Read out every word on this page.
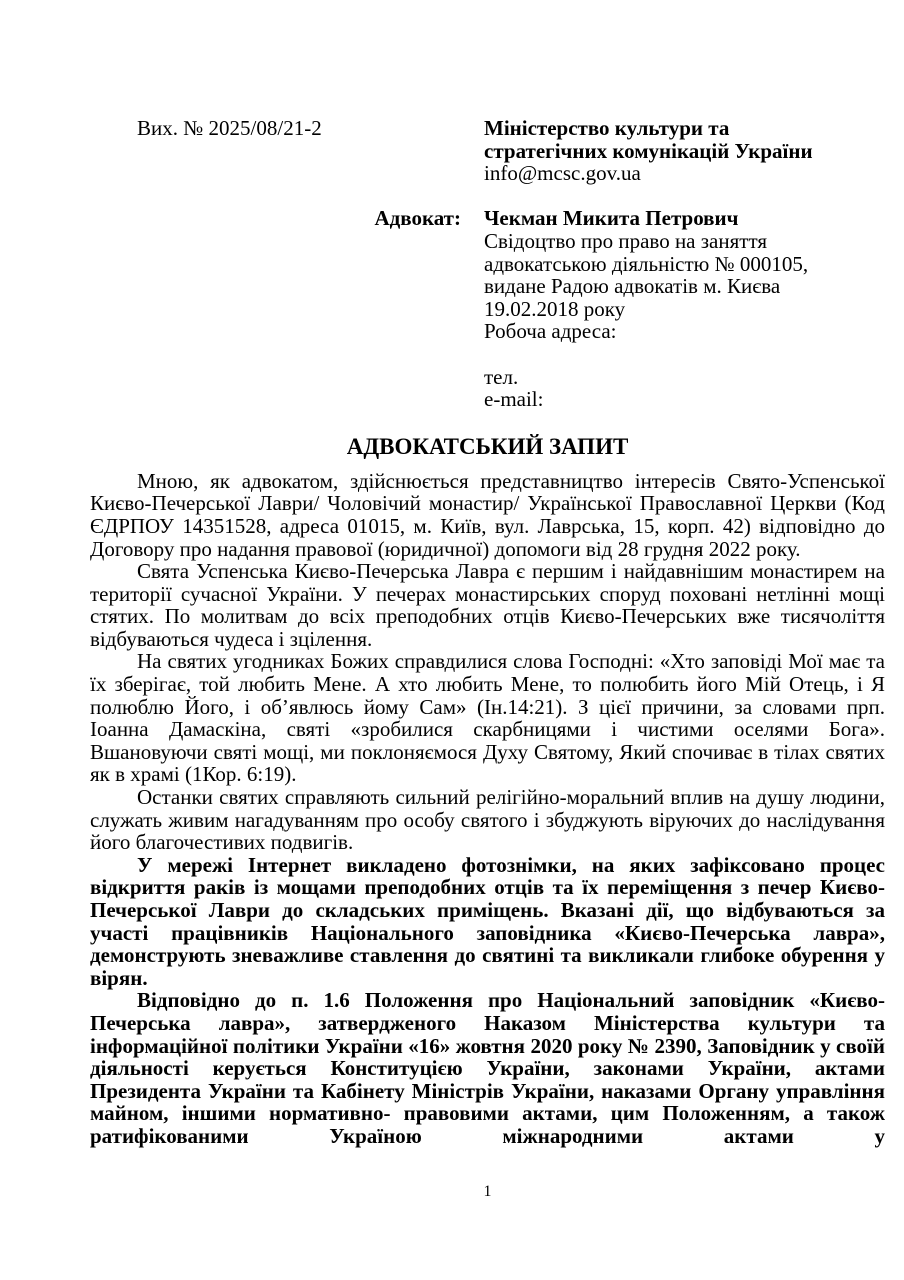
Вих. № 2025/08/21-2	Міністерство культури та
стратегічних комунікацій України
info@mcsc.gov.ua
Адвокат: Чекман Микита Петрович
Свідоцтво про право на заняття
адвокатською діяльністю № 000105,
видане Радою адвокатів м. Києва
19.02.2018 року
Робоча адреса:
тел.
e-mail:
АДВОКАТСЬКИЙ ЗАПИТ

Мною, як адвокатом, здійснюється представництво інтересів Свято-Успенської Києво-Печерської Лаври/ Чоловічий монастир/ Української Православної Церкви (Код ЄДРПОУ 14351528, адреса 01015, м. Київ, вул. Лаврська, 15, корп. 42) відповідно до Договору про надання правової (юридичної) допомоги від 28 грудня 2022 року.

Свята Успенська Києво-Печерська Лавра є першим і найдавнішим монастирем на території сучасної України. У печерах монастирських споруд поховані нетлінні мощі стятих. По молитвам до всіх преподобних отців Києво-Печерських вже тисячоліття відбуваються чудеса і зцілення.

На святих угодниках Божих справдилися слова Господні: «Хто заповіді Мої має та їх зберігає, той любить Мене. А хто любить Мене, то полюбить його Мій Отець, і Я полюблю Його, і об’явлюсь йому Сам» (Ін.14:21). З цієї причини, за словами прп. Іоанна Дамаскіна, святі «зробилися скарбницями і чистими оселями Бога». Вшановуючи святі мощі, ми поклоняємося Духу Святому, Який спочиває в тілах святих як в храмі (1Кор. 6:19).

Останки святих справляють сильний релігійно-моральний вплив на душу людини, служать живим нагадуванням про особу святого і збуджують віруючих до наслідування його благочестивих подвигів.

У мережі Інтернет викладено фотознімки, на яких зафіксовано процес відкриття раків із мощами преподобних отців та їх переміщення з печер Києво-Печерської Лаври до складських приміщень. Вказані дії, що відбуваються за участі працівників Національного заповідника «Києво-Печерська лавра», демонструють зневажливе ставлення до святині та викликали глибоке обурення у вірян.

Відповідно до п. 1.6 Положення про Національний заповідник «Києво-Печерська лавра», затвердженого Наказом Міністерства культури та інформаційної політики України «16» жовтня 2020 року № 2390, Заповідник у своїй діяльності керується Конституцією України, законами України, актами Президента України та Кабінету Міністрів України, наказами Органу управління майном, іншими нормативно- правовими актами, цим Положенням, а також ратифікованими Україною міжнародними актами у

1
